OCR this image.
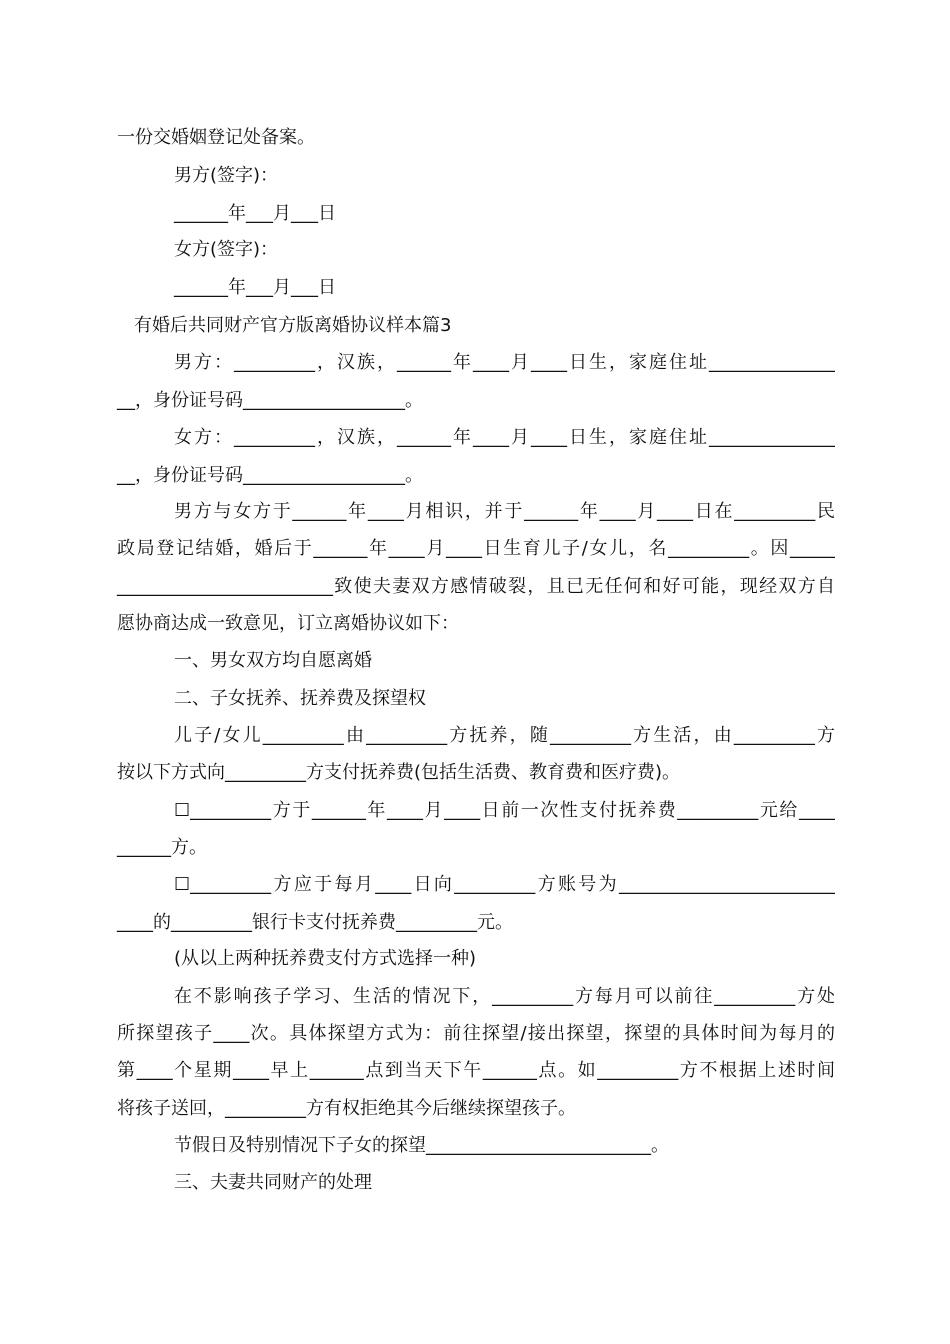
一份交婚姻登记处备案。
男方(签字)：
______年___月___日
女方(签字)：
______年___月___日
有婚后共同财产官方版离婚协议样本篇3
男方：_________，汉族，______年____月____日生，家庭住址______________
__，身份证号码__________________。
女方：_________，汉族，______年____月____日生，家庭住址______________
__，身份证号码__________________。
男方与女方于______年____月相识，并于______年____月____日在_________民
政局登记结婚，婚后于______年____月____日生育儿子/女儿，名_________。因_____
________________________致使夫妻双方感情破裂，且已无任何和好可能，现经双方自
愿协商达成一致意见，订立离婚协议如下：
一、男女双方均自愿离婚
二、子女抚养、抚养费及探望权
儿子/女儿_________由_________方抚养，随_________方生活，由_________方
按以下方式向_________方支付抚养费(包括生活费、教育费和医疗费)。
☐_________方于______年____月____日前一次性支付抚养费_________元给____
______方。
☐_________方应于每月____日向_________方账号为________________________
____的_________银行卡支付抚养费_________元。
(从以上两种抚养费支付方式选择一种)
在不影响孩子学习、生活的情况下，_________方每月可以前往_________方处
所探望孩子____次。具体探望方式为：前往探望/接出探望，探望的具体时间为每月的
第____个星期____早上______点到当天下午______点。如_________方不根据上述时间
将孩子送回，_________方有权拒绝其今后继续探望孩子。
节假日及特别情况下子女的探望_________________________。
三、夫妻共同财产的处理
